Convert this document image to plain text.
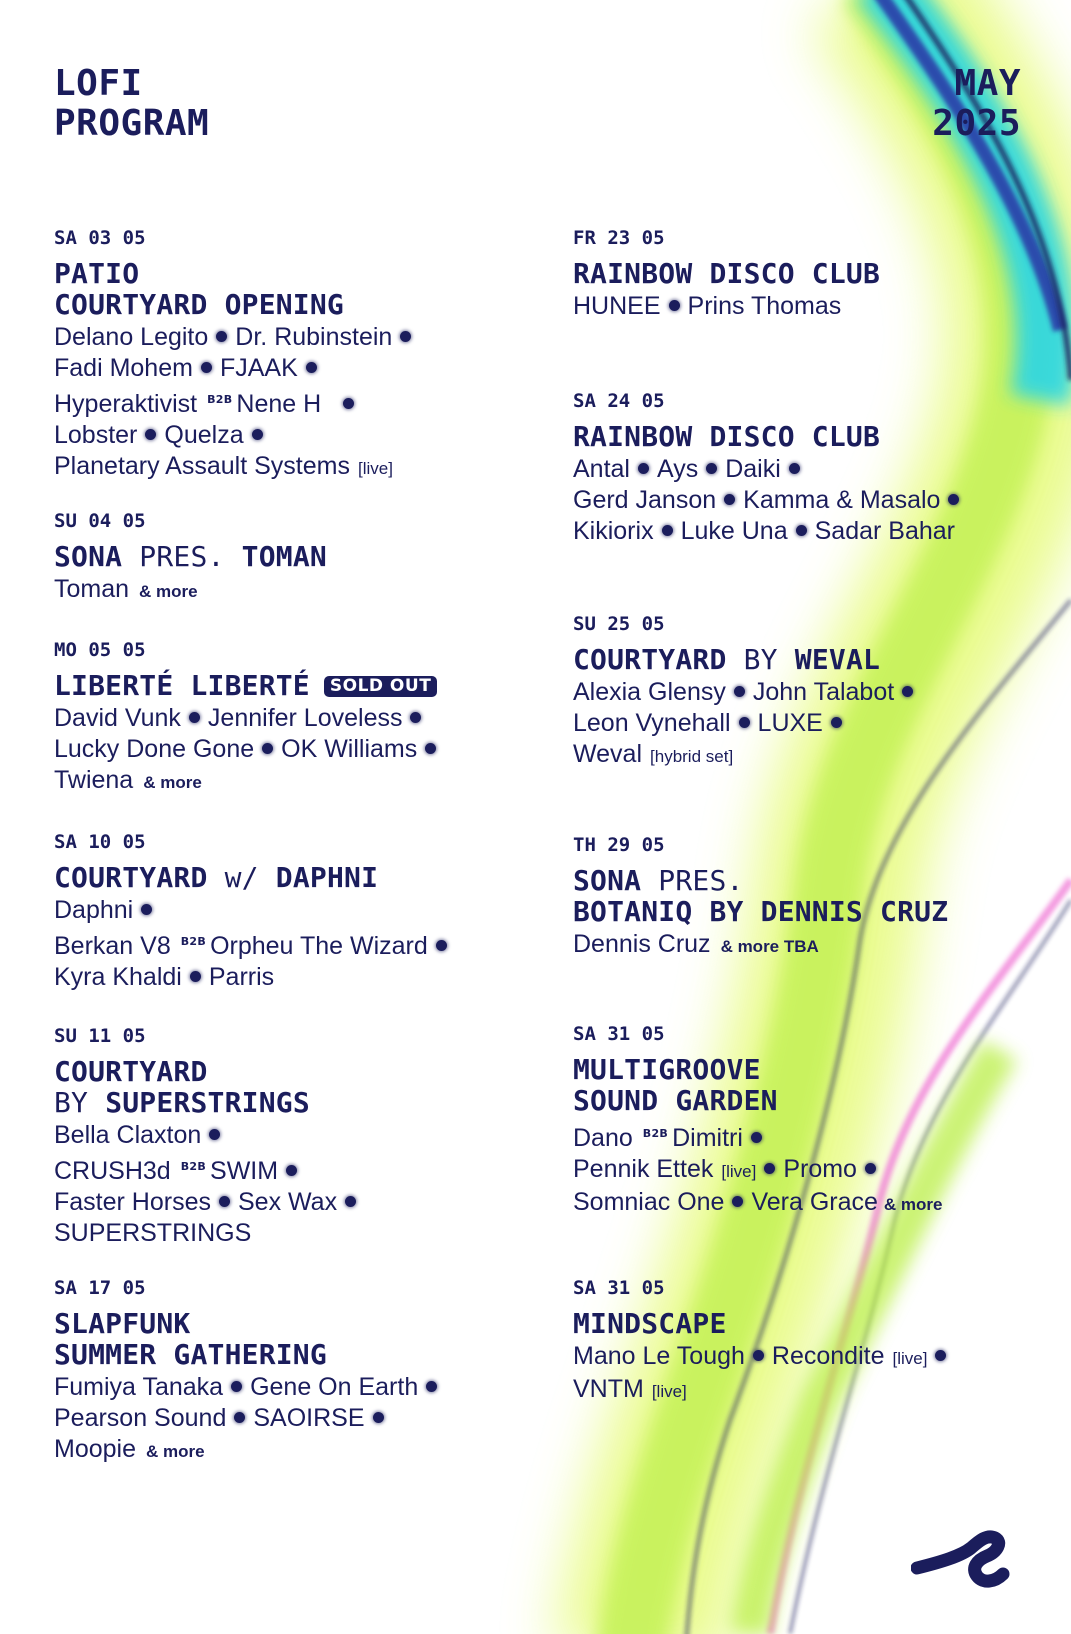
LOFI
PROGRAM
MAY
2025
SA 03 05
PATIO
COURTYARD OPENING
Delano Legito Dr. Rubinstein
Fadi Mohem FJAAK
Hyperaktivist $^{B2B}$ Nene H
Lobster Quelza
Planetary Assault Systems [live]
SU 04 05
SONA PRES. TOMAN
Toman & more
MO 05 05
LIBERTÉ LIBERTÉ SOLD OUT
David Vunk Jennifer Loveless
Lucky Done Gone OK Williams
Twiena & more
SA 10 05
COURTYARD w/ DAPHNI
Daphni
Berkan V8 $^{B2B}$ Orpheu The Wizard
Kyra Khaldi Parris
SU 11 05
COURTYARD
BY SUPERSTRINGS
Bella Claxton
CRUSH3d $^{B2B}$ SWIM
Faster Horses Sex Wax
SUPERSTRINGS
SA 17 05
SLAPFUNK
SUMMER GATHERING
Fumiya Tanaka Gene On Earth
Pearson Sound SAOIRSE
Moopie & more
FR 23 05
RAINBOW DISCO CLUB
HUNEE Prins Thomas
SA 24 05
RAINBOW DISCO CLUB
Antal Ays Daiki
Gerd Janson Kamma & Masalo
Kikiorix Luke Una Sadar Bahar
SU 25 05
COURTYARD BY WEVAL
Alexia Glensy John Talabot
Leon Vynehall LUXE
Weval [hybrid set]
TH 29 05
SONA PRES.
BOTANIQ BY DENNIS CRUZ
Dennis Cruz & more TBA
SA 31 05
MULTIGROOVE
SOUND GARDEN
Dano $^{B2B}$ Dimitri
Pennik Ettek [live] Promo
Somniac One Vera Grace & more
SA 31 05
MINDSCAPE
Mano Le Tough Recondite [live]
VNTM [live]
